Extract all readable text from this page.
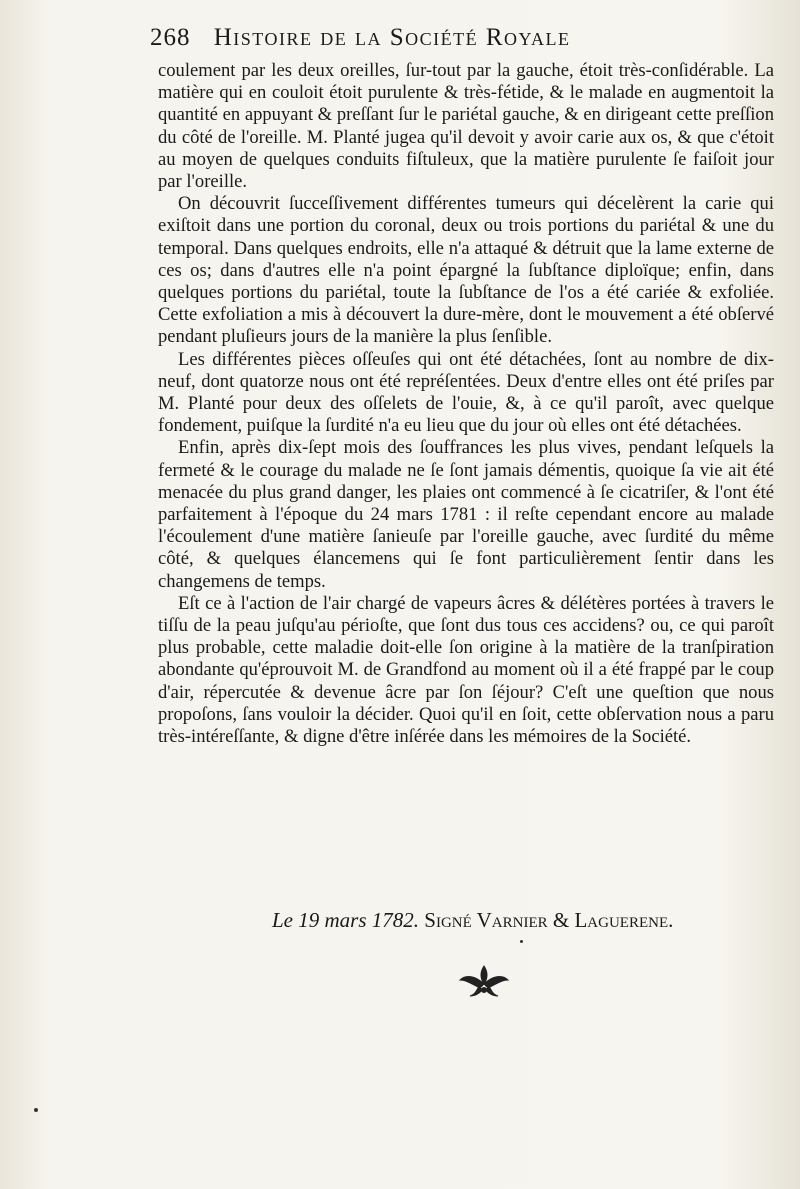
268 Histoire de la Société Royale

coulement par les deux oreilles, ſur-tout par la gauche, étoit très-conſidérable. La matière qui en couloit étoit purulente & très-fétide, & le malade en augmentoit la quantité en appuyant & preſſant ſur le pariétal gauche, & en dirigeant cette preſſion du côté de l'oreille. M. Planté jugea qu'il devoit y avoir carie aux os, & que c'étoit au moyen de quelques conduits fiſtuleux, que la matière purulente ſe faiſoit jour par l'oreille.

On découvrit ſucceſſivement différentes tumeurs qui décelèrent la carie qui exiſtoit dans une portion du coronal, deux ou trois portions du pariétal & une du temporal. Dans quelques endroits, elle n'a attaqué & détruit que la lame externe de ces os; dans d'autres elle n'a point épargné la ſubſtance diploïque; enfin, dans quelques portions du pariétal, toute la ſubſtance de l'os a été cariée & exfoliée. Cette exfoliation a mis à découvert la dure-mère, dont le mouvement a été obſervé pendant pluſieurs jours de la manière la plus ſenſible.

Les différentes pièces oſſeuſes qui ont été détachées, ſont au nombre de dix-neuf, dont quatorze nous ont été repréſentées. Deux d'entre elles ont été priſes par M. Planté pour deux des oſſelets de l'ouie, &, à ce qu'il paroît, avec quelque fondement, puiſque la ſurdité n'a eu lieu que du jour où elles ont été détachées.

Enfin, après dix-ſept mois des ſouffrances les plus vives, pendant leſquels la fermeté & le courage du malade ne ſe ſont jamais démentis, quoique ſa vie ait été menacée du plus grand danger, les plaies ont commencé à ſe cicatriſer, & l'ont été parfaitement à l'époque du 24 mars 1781 : il reſte cependant encore au malade l'écoulement d'une matière ſanieuſe par l'oreille gauche, avec ſurdité du même côté, & quelques élancemens qui ſe font particulièrement ſentir dans les changemens de temps.

Eſt ce à l'action de l'air chargé de vapeurs âcres & délétères portées à travers le tiſſu de la peau juſqu'au périoſte, que ſont dus tous ces accidens? ou, ce qui paroît plus probable, cette maladie doit-elle ſon origine à la matière de la tranſpiration abondante qu'éprouvoit M. de Grandfond au moment où il a été frappé par le coup d'air, répercutée & devenue âcre par ſon ſéjour? C'eſt une queſtion que nous propoſons, ſans vouloir la décider. Quoi qu'il en ſoit, cette obſervation nous a paru très-intéreſſante, & digne d'être inſérée dans les mémoires de la Société.

Le 19 mars 1782. Signé Varnier & Laguerene.
